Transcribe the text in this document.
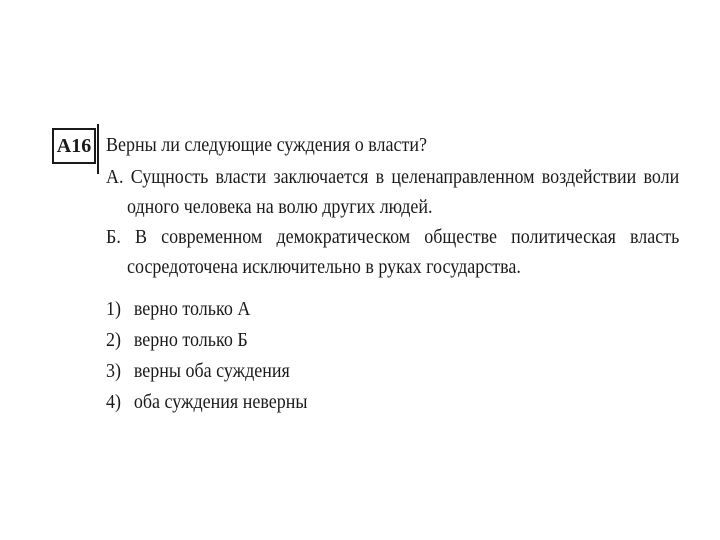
A16 Верны ли следующие суждения о власти?
А. Сущность власти заключается в целенаправленном воздействии воли
одного человека на волю других людей.
Б. В современном демократическом обществе политическая власть
сосредоточена исключительно в руках государства.
1) верно только А
2) верно только Б
3) верны оба суждения
4) оба суждения неверны
